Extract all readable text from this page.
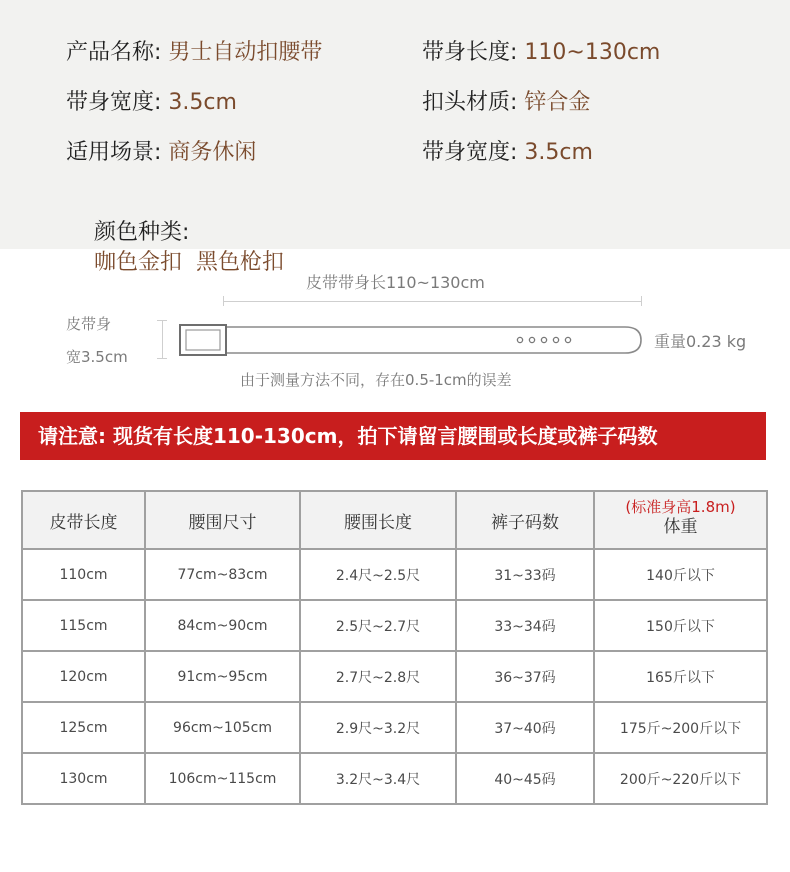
产品名称: 男士自动扣腰带	带身长度: 110~130cm
带身宽度: 3.5cm	扣头材质: 锌合金
适用场景: 商务休闲	带身宽度: 3.5cm

颜色种类:
咖色金扣  黑色枪扣

皮带带身长110~130cm
皮带身
宽3.5cm
重量0.23 kg
由于测量方法不同，存在0.5-1cm的误差
请注意: 现货有长度110-130cm，拍下请留言腰围或长度或裤子码数
皮带长度	腰围尺寸	腰围长度	裤子码数	(标准身高1.8m)
体重

110cm	77cm~83cm	2.4尺~2.5尺	31~33码	140斤以下
115cm	84cm~90cm	2.5尺~2.7尺	33~34码	150斤以下
120cm	91cm~95cm	2.7尺~2.8尺	36~37码	165斤以下
125cm	96cm~105cm	2.9尺~3.2尺	37~40码	175斤~200斤以下
130cm	106cm~115cm	3.2尺~3.4尺	40~45码	200斤~220斤以下
